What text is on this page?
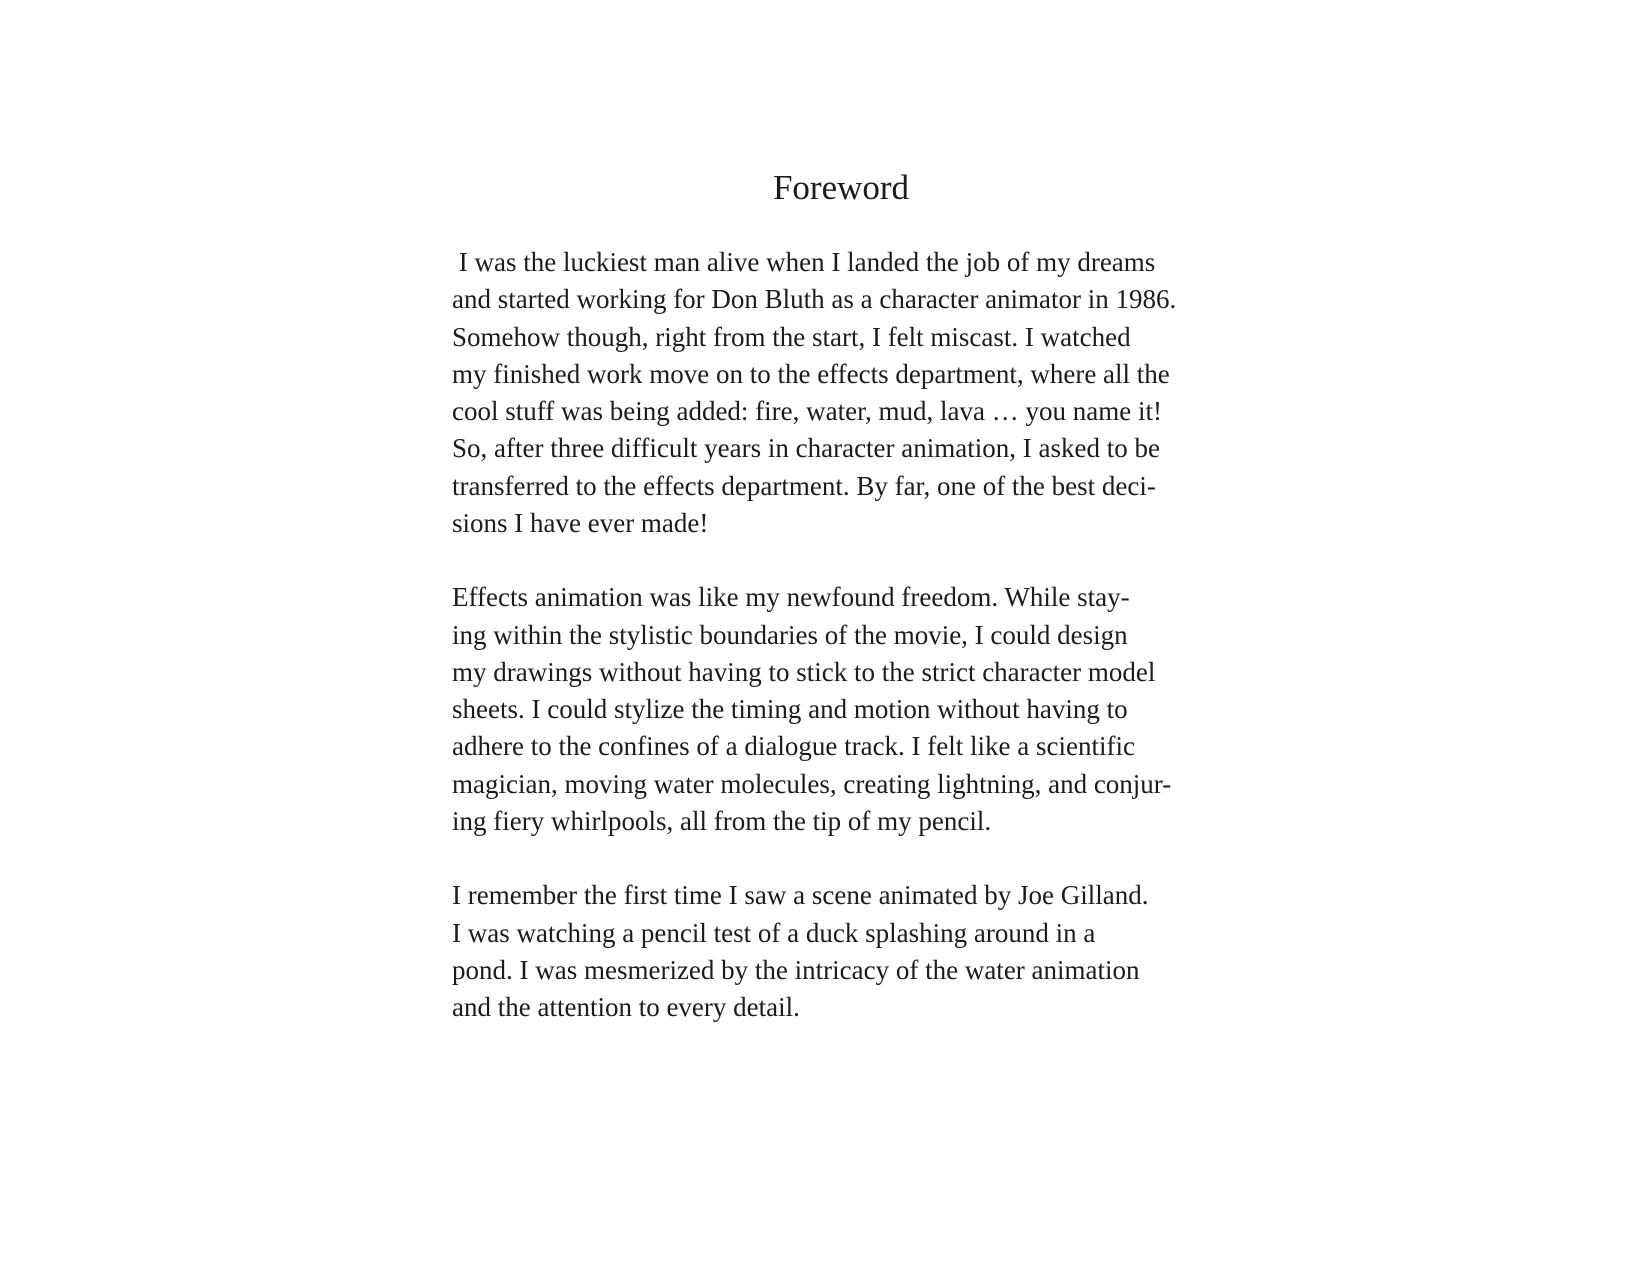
Foreword
I was the luckiest man alive when I landed the job of my dreams
and started working for Don Bluth as a character animator in 1986.
Somehow though, right from the start, I felt miscast. I watched
my finished work move on to the effects department, where all the
cool stuff was being added: fire, water, mud, lava … you name it!
So, after three difficult years in character animation, I asked to be
transferred to the effects department. By far, one of the best deci-
sions I have ever made!
Effects animation was like my newfound freedom. While stay-
ing within the stylistic boundaries of the movie, I could design
my drawings without having to stick to the strict character model
sheets. I could stylize the timing and motion without having to
adhere to the confines of a dialogue track. I felt like a scientific
magician, moving water molecules, creating lightning, and conjur-
ing fiery whirlpools, all from the tip of my pencil.
I remember the first time I saw a scene animated by Joe Gilland.
I was watching a pencil test of a duck splashing around in a
pond. I was mesmerized by the intricacy of the water animation
and the attention to every detail.
